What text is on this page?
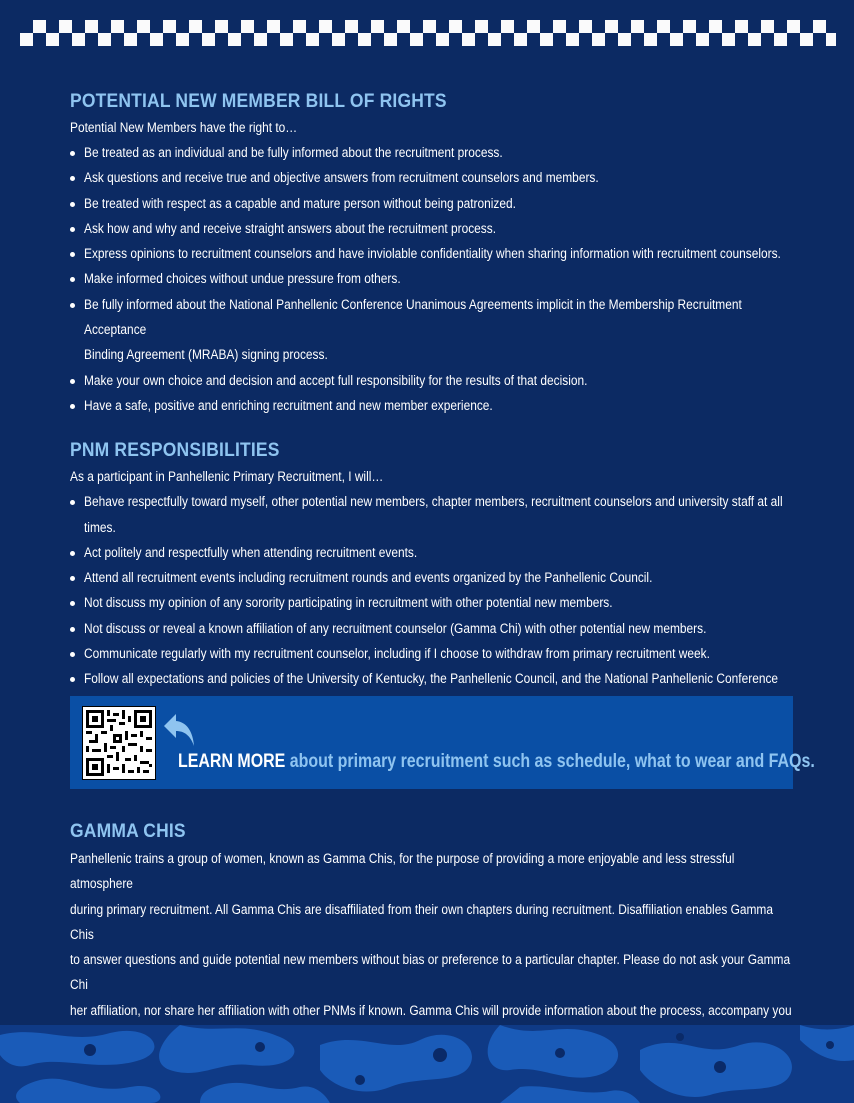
POTENTIAL NEW MEMBER BILL OF RIGHTS
Potential New Members have the right to…
Be treated as an individual and be fully informed about the recruitment process.
Ask questions and receive true and objective answers from recruitment counselors and members.
Be treated with respect as a capable and mature person without being patronized.
Ask how and why and receive straight answers about the recruitment process.
Express opinions to recruitment counselors and have inviolable confidentiality when sharing information with recruitment counselors.
Make informed choices without undue pressure from others.
Be fully informed about the National Panhellenic Conference Unanimous Agreements implicit in the Membership Recruitment Acceptance
Binding Agreement (MRABA) signing process.
Make your own choice and decision and accept full responsibility for the results of that decision.
Have a safe, positive and enriching recruitment and new member experience.
PNM RESPONSIBILITIES
As a participant in Panhellenic Primary Recruitment, I will…
Behave respectfully toward myself, other potential new members, chapter members, recruitment counselors and university staff at all times.
Act politely and respectfully when attending recruitment events.
Attend all recruitment events including recruitment rounds and events organized by the Panhellenic Council.
Not discuss my opinion of any sorority participating in recruitment with other potential new members.
Not discuss or reveal a known affiliation of any recruitment counselor (Gamma Chi) with other potential new members.
Communicate regularly with my recruitment counselor, including if I choose to withdraw from primary recruitment week.
Follow all expectations and policies of the University of Kentucky, the Panhellenic Council, and the National Panhellenic Conference
LEARN MORE about primary recruitment such as schedule, what to wear and FAQs.
GAMMA CHIS

Panhellenic trains a group of women, known as Gamma Chis, for the purpose of providing a more enjoyable and less stressful atmosphere
during primary recruitment. All Gamma Chis are disaffiliated from their own chapters during recruitment. Disaffiliation enables Gamma Chis
to answer questions and guide potential new members without bias or preference to a particular chapter. Please do not ask your Gamma Chi
her affiliation, nor share her affiliation with other PNMs if known. Gamma Chis will provide information about the process, accompany you
